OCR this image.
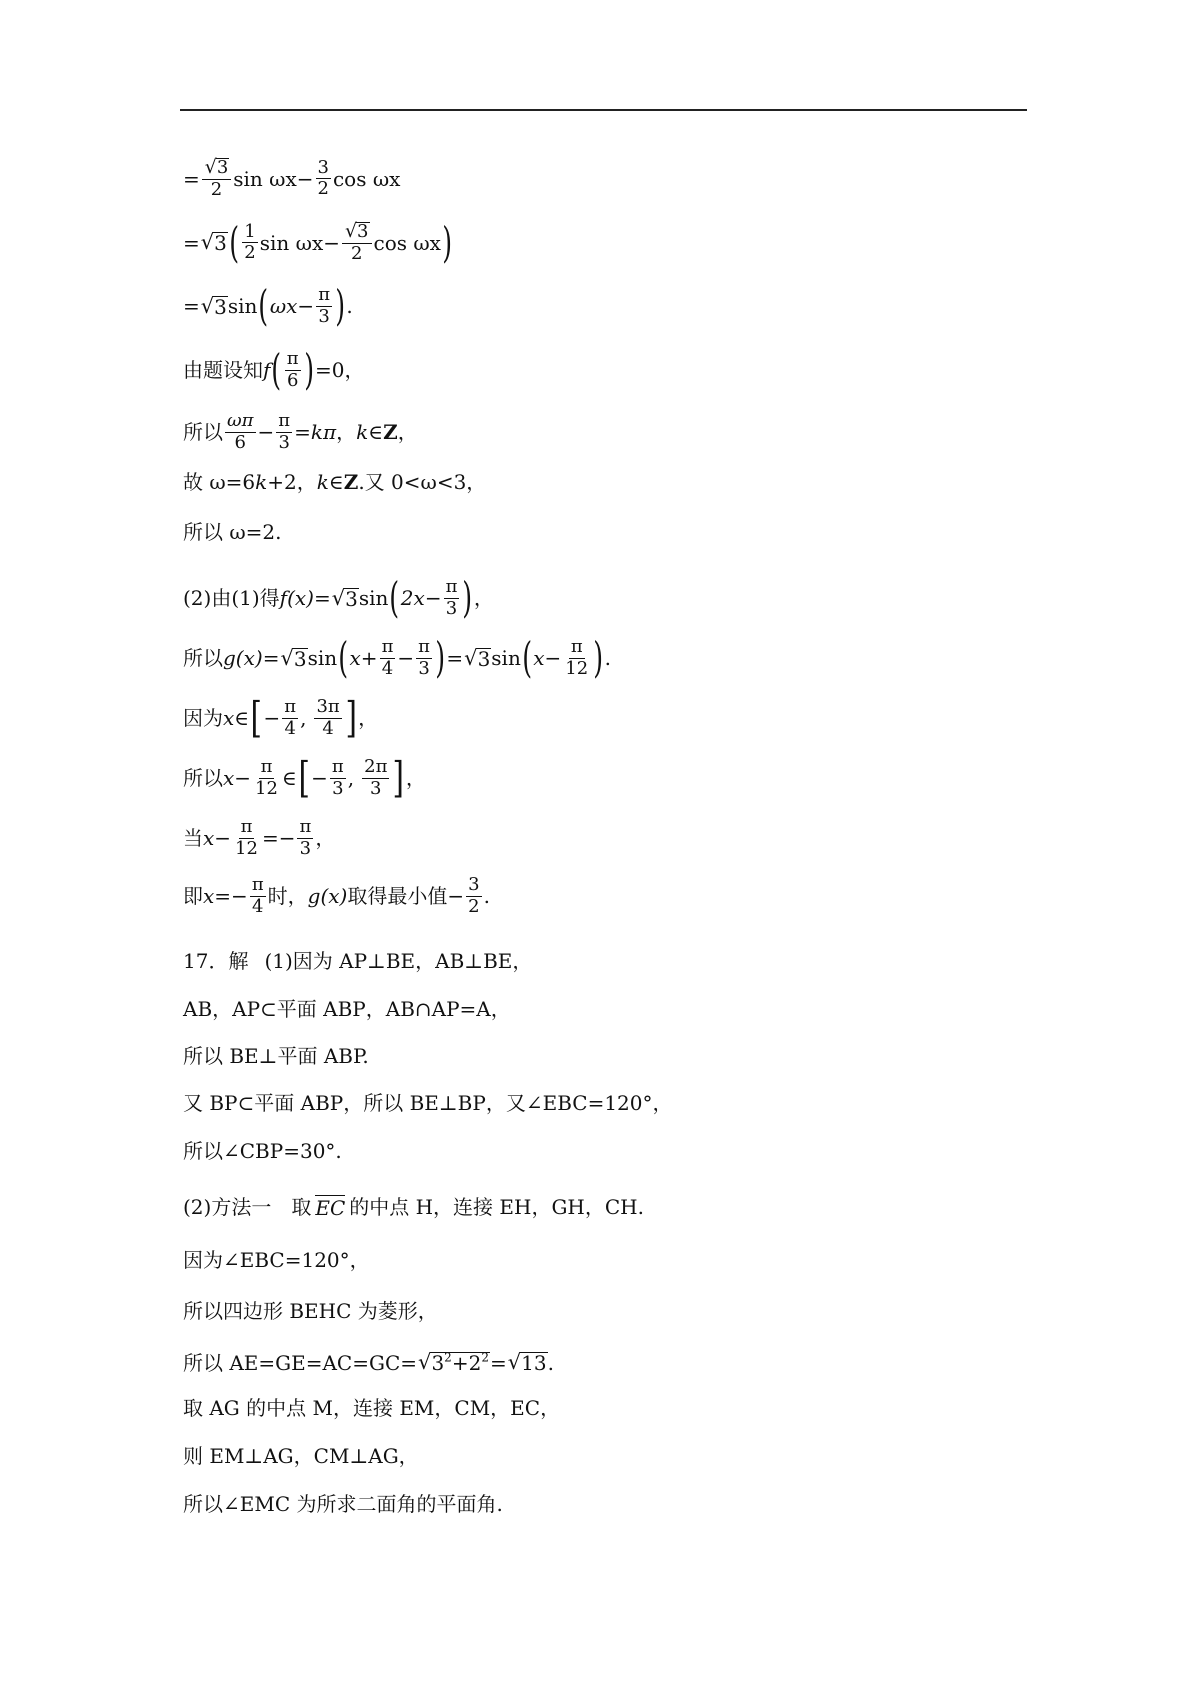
= $\frac{√ 3}{2}$ $\sin \omega x - \frac{3}{2}$ cos ωx
= √ 3 ( $\frac{1}{2}$ $\sin \omega x - \frac{√ 3}{2}$ cos ωx )
= √ 3 sin ( $\omega x - \frac{\pi}{3}$ ) .
由题设知 f ( $\frac{\pi}{6}$ ) =0，
所以 $\frac{\omega\pi}{6} - \frac{\pi}{3} = k\pi$ ， k ∈ Z ，
故 ω=6 k +2， k ∈ Z .又 0<ω<3，
所以 ω=2.
(2)由(1)得 f(x) = √ 3 sin ( $2x - \frac{\pi}{3}$ ) ，
所以 g(x) = √ 3 sin ( $x + \frac{\pi}{4} - \frac{\pi}{3}$ ) = √ 3 sin ( $x - \frac{\pi}{12}$ ) .
因为 x ∈ [ − $\frac{\pi}{4}$ , $\frac{3\pi}{4}$ ] ，
所以 $x - \frac{\pi}{12}$ ∈ [ − $\frac{\pi}{3}$ , $\frac{2\pi}{3}$ ] ，
当 $x - \frac{\pi}{12}$ = − $\frac{\pi}{3}$ ，
即 x = − $\frac{\pi}{4}$ 时， g(x) 取得最小值 − $\frac{3}{2}$ .
17．解 (1)因为 AP⊥BE，AB⊥BE，
AB，AP⊂平面 ABP，AB∩AP=A，
所以 BE⊥平面 ABP.
又 BP⊂平面 ABP，所以 BE⊥BP，又∠EBC=120°，
所以∠CBP=30°.
(2)方法一　取 EC 的中点 H，连接 EH，GH，CH.
因为∠EBC=120°，
所以四边形 BEHC 为菱形，
所以 AE=GE=AC=GC= √ $3^2+2^2$ = √ 13 .
取 AG 的中点 M，连接 EM，CM，EC，
则 EM⊥AG，CM⊥AG，
所以∠EMC 为所求二面角的平面角.
